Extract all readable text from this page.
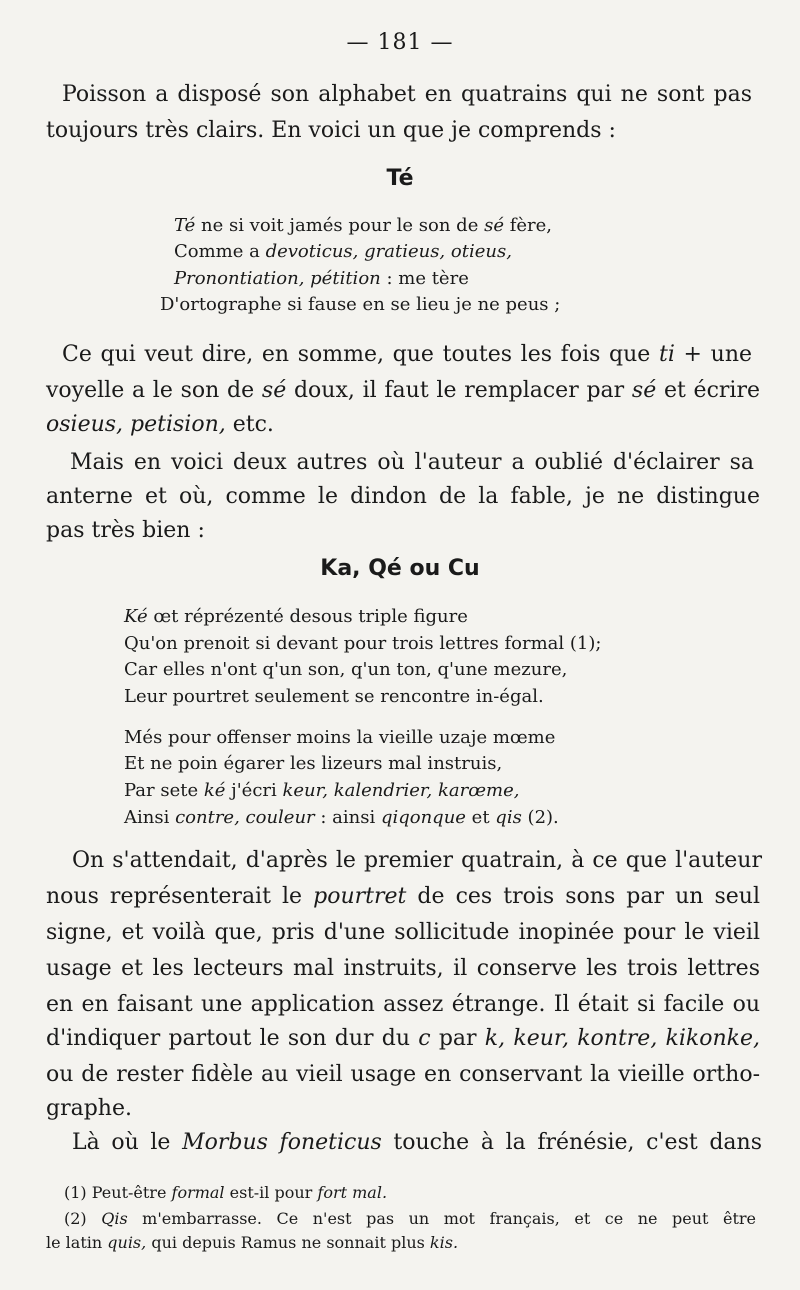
— 181 —
Poisson a disposé son alphabet en quatrains qui ne sont pas
toujours très clairs. En voici un que je comprends :
Té
Té ne si voit jamés pour le son de sé fère,
Comme a devoticus, gratieus, otieus,
Pronontiation, pétition : me tère
D'ortographe si fause en se lieu je ne peus ;
Ce qui veut dire, en somme, que toutes les fois que ti + une
voyelle a le son de sé doux, il faut le remplacer par sé et écrire
osieus, petision, etc.
Mais en voici deux autres où l'auteur a oublié d'éclairer sa
anterne et où, comme le dindon de la fable, je ne distingue
pas très bien :
Ka, Qé ou Cu
Ké œt réprézenté desous triple figure
Qu'on prenoit si devant pour trois lettres formal (1);
Car elles n'ont q'un son, q'un ton, q'une mezure,
Leur pourtret seulement se rencontre in-égal.
Més pour offenser moins la vieille uzaje mœme
Et ne poin égarer les lizeurs mal instruis,
Par sete ké j'écri keur, kalendrier, karœme,
Ainsi contre, couleur : ainsi qiqonque et qis (2).
On s'attendait, d'après le premier quatrain, à ce que l'auteur
nous représenterait le pourtret de ces trois sons par un seul
signe, et voilà que, pris d'une sollicitude inopinée pour le vieil
usage et les lecteurs mal instruits, il conserve les trois lettres
en en faisant une application assez étrange. Il était si facile ou
d'indiquer partout le son dur du c par k, keur, kontre, kikonke,
ou de rester fidèle au vieil usage en conservant la vieille ortho-
graphe.
Là où le Morbus foneticus touche à la frénésie, c'est dans
(1) Peut-être formal est-il pour fort mal.
(2) Qis m'embarrasse. Ce n'est pas un mot français, et ce ne peut être
le latin quis, qui depuis Ramus ne sonnait plus kis.
